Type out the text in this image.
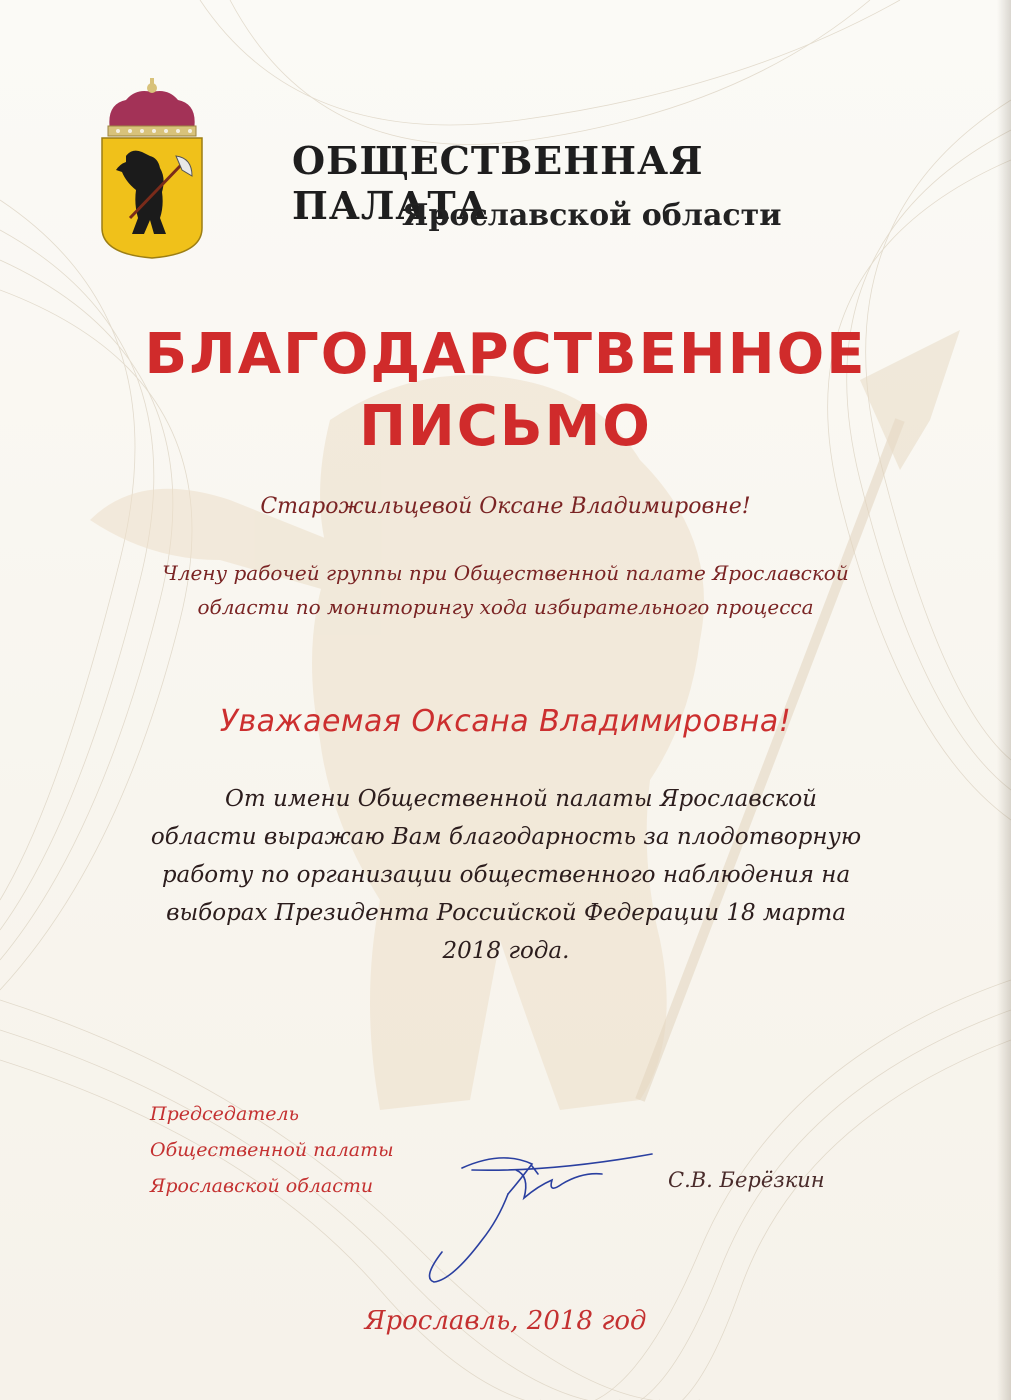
ОБЩЕСТВЕННАЯ ПАЛАТА
Ярославской области
БЛАГОДАРСТВЕННОЕ
ПИСЬМО
Старожильцевой Оксане Владимировне!
Члену рабочей группы при Общественной палате Ярославской
области по мониторингу хода избирательного процесса
Уважаемая Оксана Владимировна!
От имени Общественной палаты Ярославской
области выражаю Вам благодарность за плодотворную
работу по организации общественного наблюдения на
выборах Президента Российской Федерации 18 марта
2018 года.
Председатель
Общественной палаты
Ярославской области	С.В. Берёзкин
Ярославль, 2018 год
